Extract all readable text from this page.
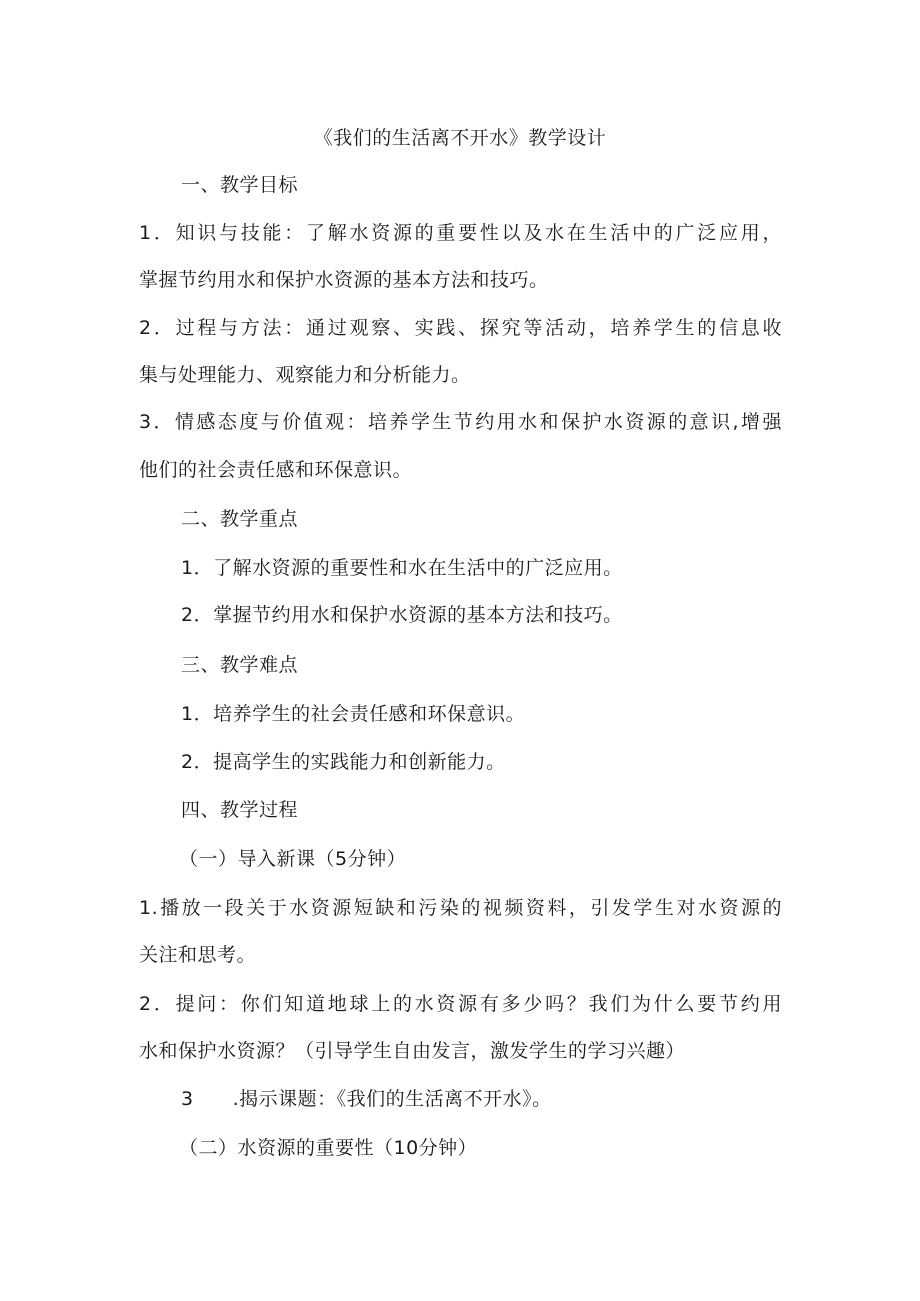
《我们的生活离不开水》教学设计
一、教学目标
1．知识与技能：了解水资源的重要性以及水在生活中的广泛应用，
掌握节约用水和保护水资源的基本方法和技巧。
2．过程与方法：通过观察、实践、探究等活动，培养学生的信息收
集与处理能力、观察能力和分析能力。
3．情感态度与价值观：培养学生节约用水和保护水资源的意识,增强
他们的社会责任感和环保意识。
二、教学重点
1．了解水资源的重要性和水在生活中的广泛应用。
2．掌握节约用水和保护水资源的基本方法和技巧。
三、教学难点
1．培养学生的社会责任感和环保意识。
2．提高学生的实践能力和创新能力。
四、教学过程
（一）导入新课（5分钟）
1.播放一段关于水资源短缺和污染的视频资料，引发学生对水资源的
关注和思考。
2．提问：你们知道地球上的水资源有多少吗？我们为什么要节约用
水和保护水资源？（引导学生自由发言，激发学生的学习兴趣）
3　　.揭示课题：《我们的生活离不开水》。
（二）水资源的重要性（10分钟）
